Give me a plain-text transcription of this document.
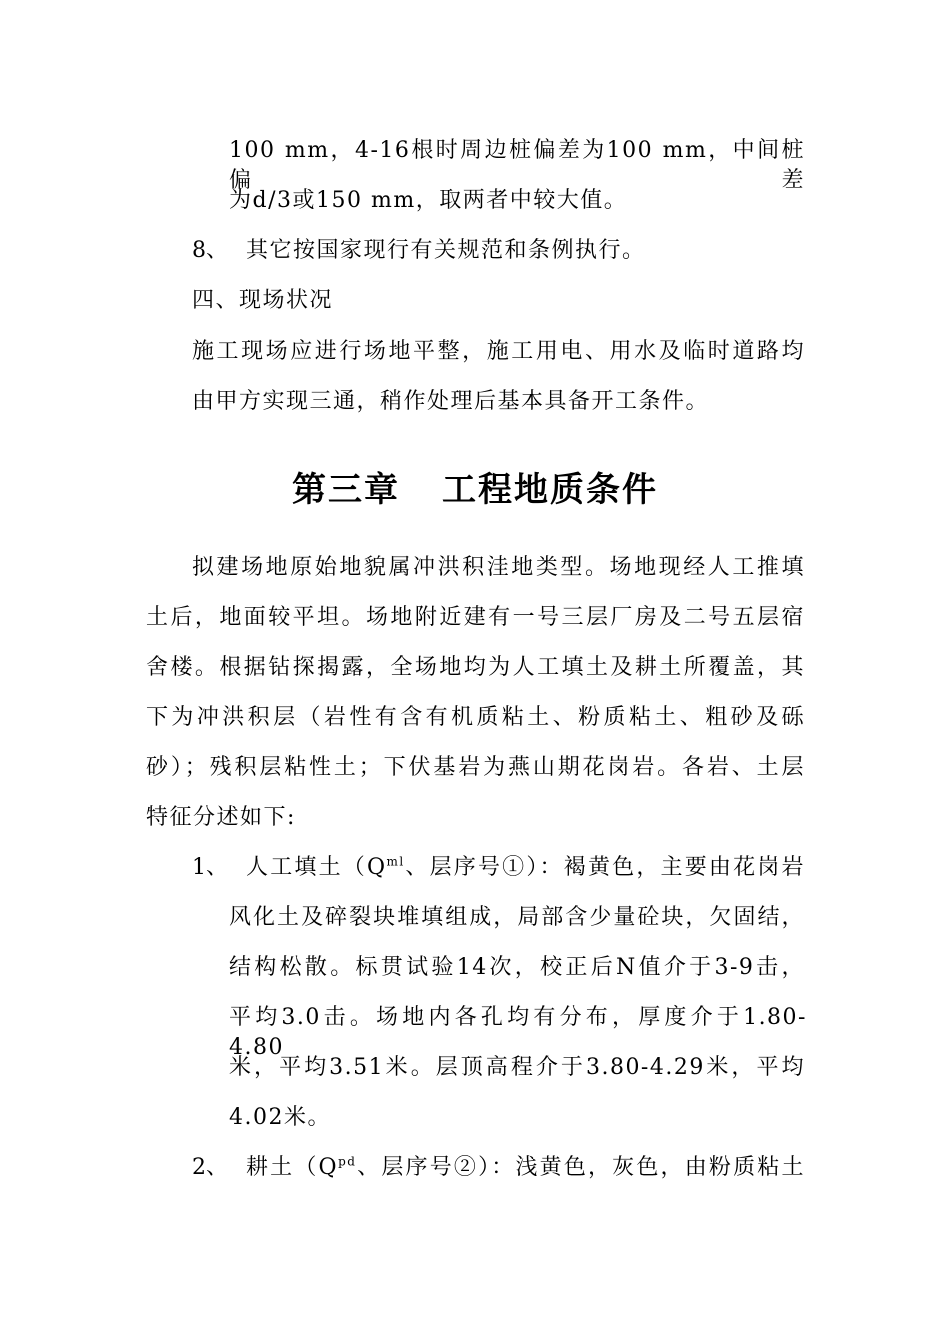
100 mm，4-16根时周边桩偏差为100 mm，中间桩偏差
为d/3或150 mm，取两者中较大值。
8、 其它按国家现行有关规范和条例执行。
四、现场状况
施工现场应进行场地平整，施工用电、用水及临时道路均
由甲方实现三通，稍作处理后基本具备开工条件。
第三章 工程地质条件
拟建场地原始地貌属冲洪积洼地类型。场地现经人工推填
土后，地面较平坦。场地附近建有一号三层厂房及二号五层宿
舍楼。根据钻探揭露，全场地均为人工填土及耕土所覆盖，其
下为冲洪积层（岩性有含有机质粘土、粉质粘土、粗砂及砾
砂）；残积层粘性土；下伏基岩为燕山期花岗岩。各岩、土层
特征分述如下:
1、 人工填土（$Q^{ml}$、层序号①）：褐黄色，主要由花岗岩
风化土及碎裂块堆填组成，局部含少量砼块，欠固结，
结构松散。标贯试验14次，校正后N值介于3-9击，
平均3.0击。场地内各孔均有分布，厚度介于1.80-4.80
米，平均3.51米。层顶高程介于3.80-4.29米，平均
4.02米。
2、 耕土（$Q^{pd}$、层序号②）：浅黄色，灰色，由粉质粘土
